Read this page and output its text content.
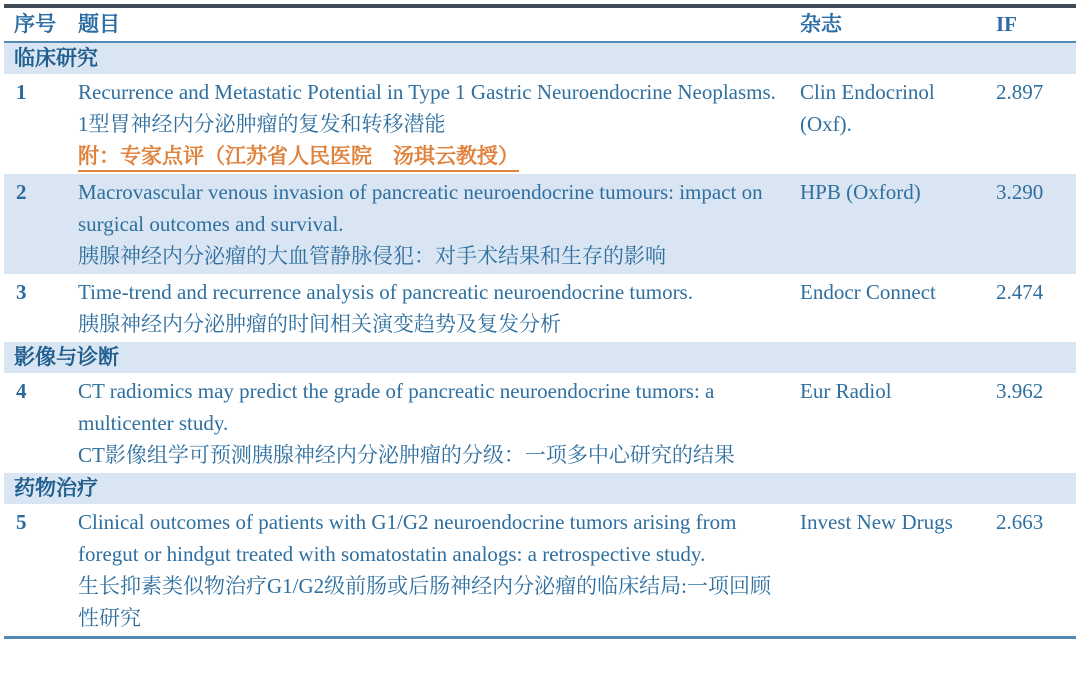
序号	题目	杂志	IF
临床研究			
1	Recurrence and Metastatic Potential in Type 1 Gastric Neuroendocrine Neoplasms.
1型胃神经内分泌肿瘤的复发和转移潜能
附：专家点评（江苏省人民医院　汤琪云教授）	Clin Endocrinol (Oxf).	2.897
2	Macrovascular venous invasion of pancreatic neuroendocrine tumours: impact on surgical outcomes and survival.
胰腺神经内分泌瘤的大血管静脉侵犯：对手术结果和生存的影响	HPB (Oxford)	3.290
3	Time-trend and recurrence analysis of pancreatic neuroendocrine tumors.
胰腺神经内分泌肿瘤的时间相关演变趋势及复发分析	Endocr Connect	2.474
影像与诊断			
4	CT radiomics may predict the grade of pancreatic neuroendocrine tumors: a multicenter study.
CT影像组学可预测胰腺神经内分泌肿瘤的分级：一项多中心研究的结果	Eur Radiol	3.962
药物治疗			
5	Clinical outcomes of patients with G1/G2 neuroendocrine tumors arising from foregut or hindgut treated with somatostatin analogs: a retrospective study.
生长抑素类似物治疗G1/G2级前肠或后肠神经内分泌瘤的临床结局:一项回顾性研究	Invest New Drugs	2.663
